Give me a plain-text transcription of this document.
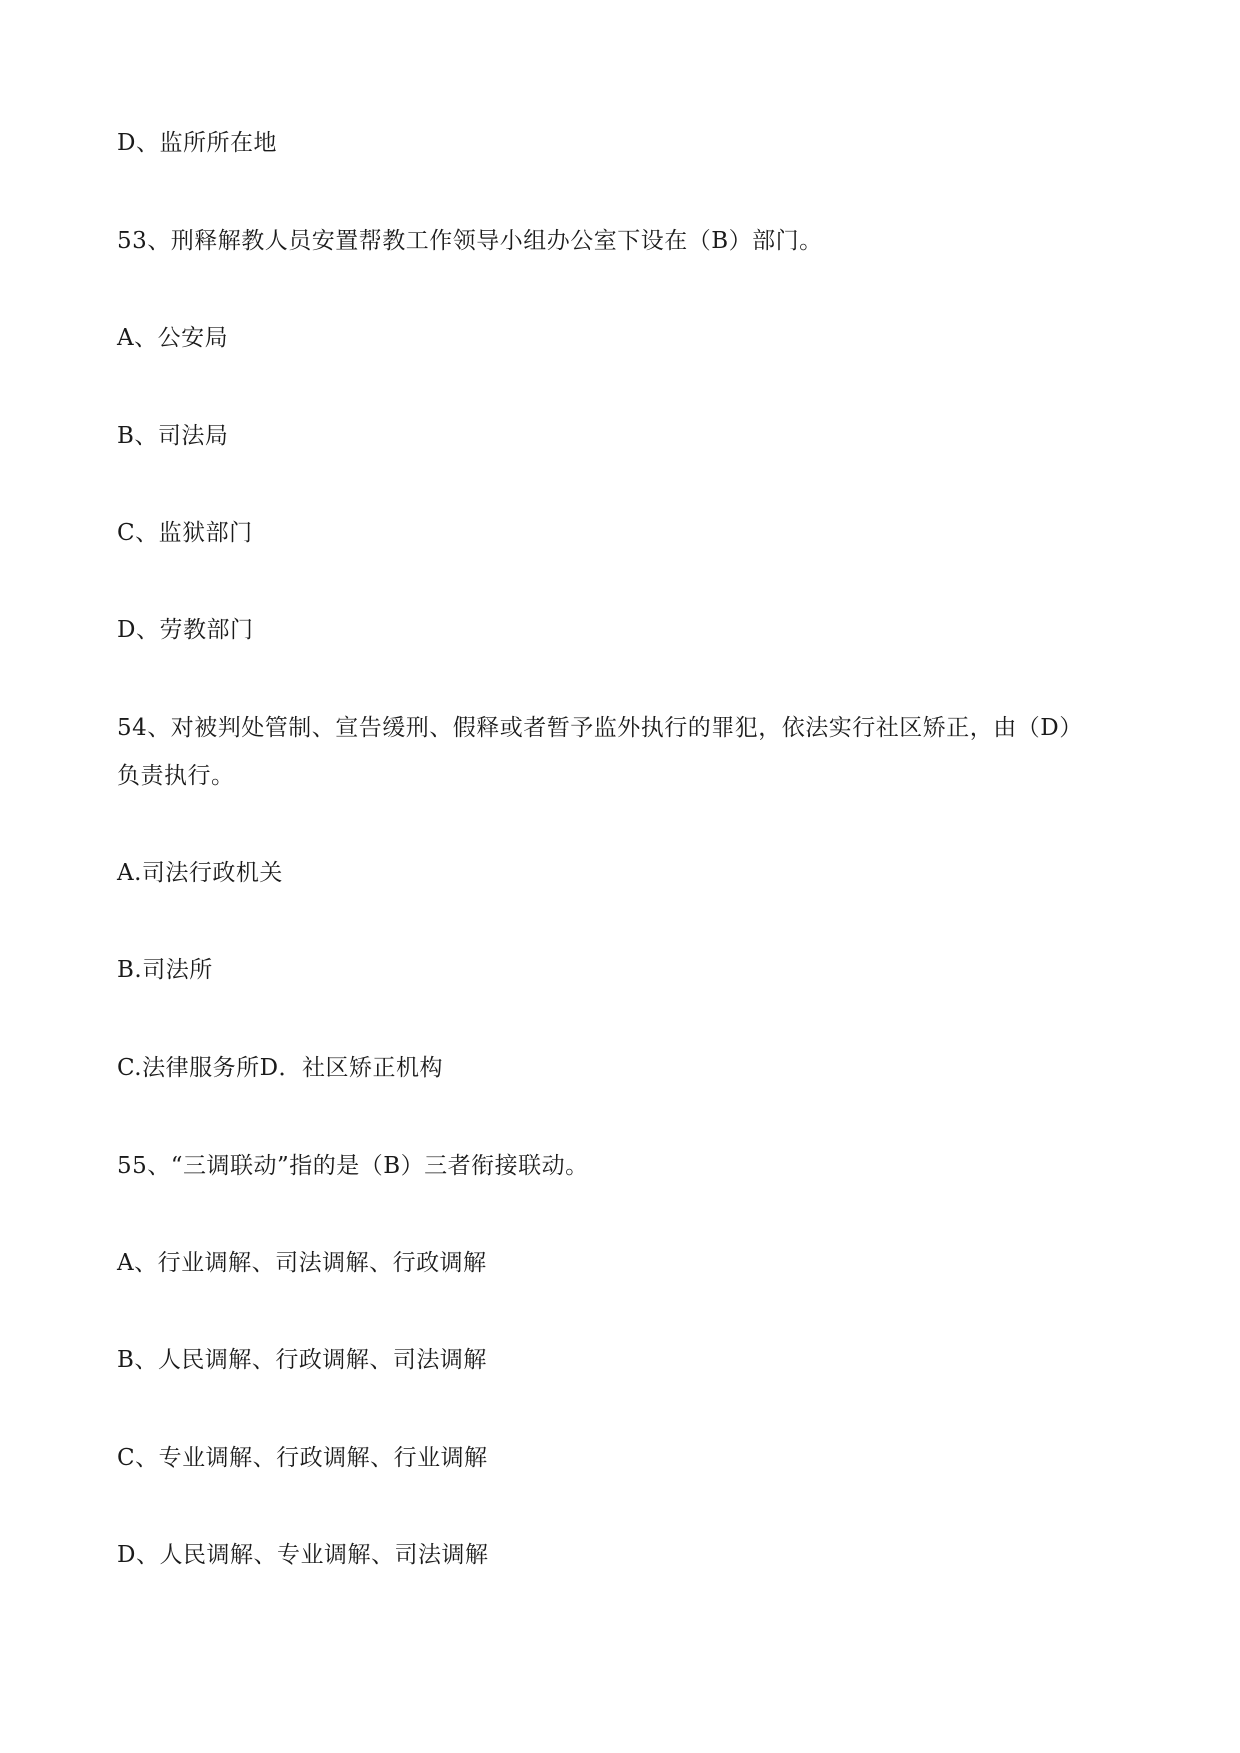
D、监所所在地
53、刑释解教人员安置帮教工作领导小组办公室下设在（B）部门。
A、公安局
B、司法局
C、监狱部门
D、劳教部门
54、对被判处管制、宣告缓刑、假释或者暂予监外执行的罪犯，依法实行社区矫正，由（D）
负责执行。
A.司法行政机关
B.司法所
C.法律服务所D．社区矫正机构
55、“三调联动”指的是（B）三者衔接联动。
A、行业调解、司法调解、行政调解
B、人民调解、行政调解、司法调解
C、专业调解、行政调解、行业调解
D、人民调解、专业调解、司法调解
